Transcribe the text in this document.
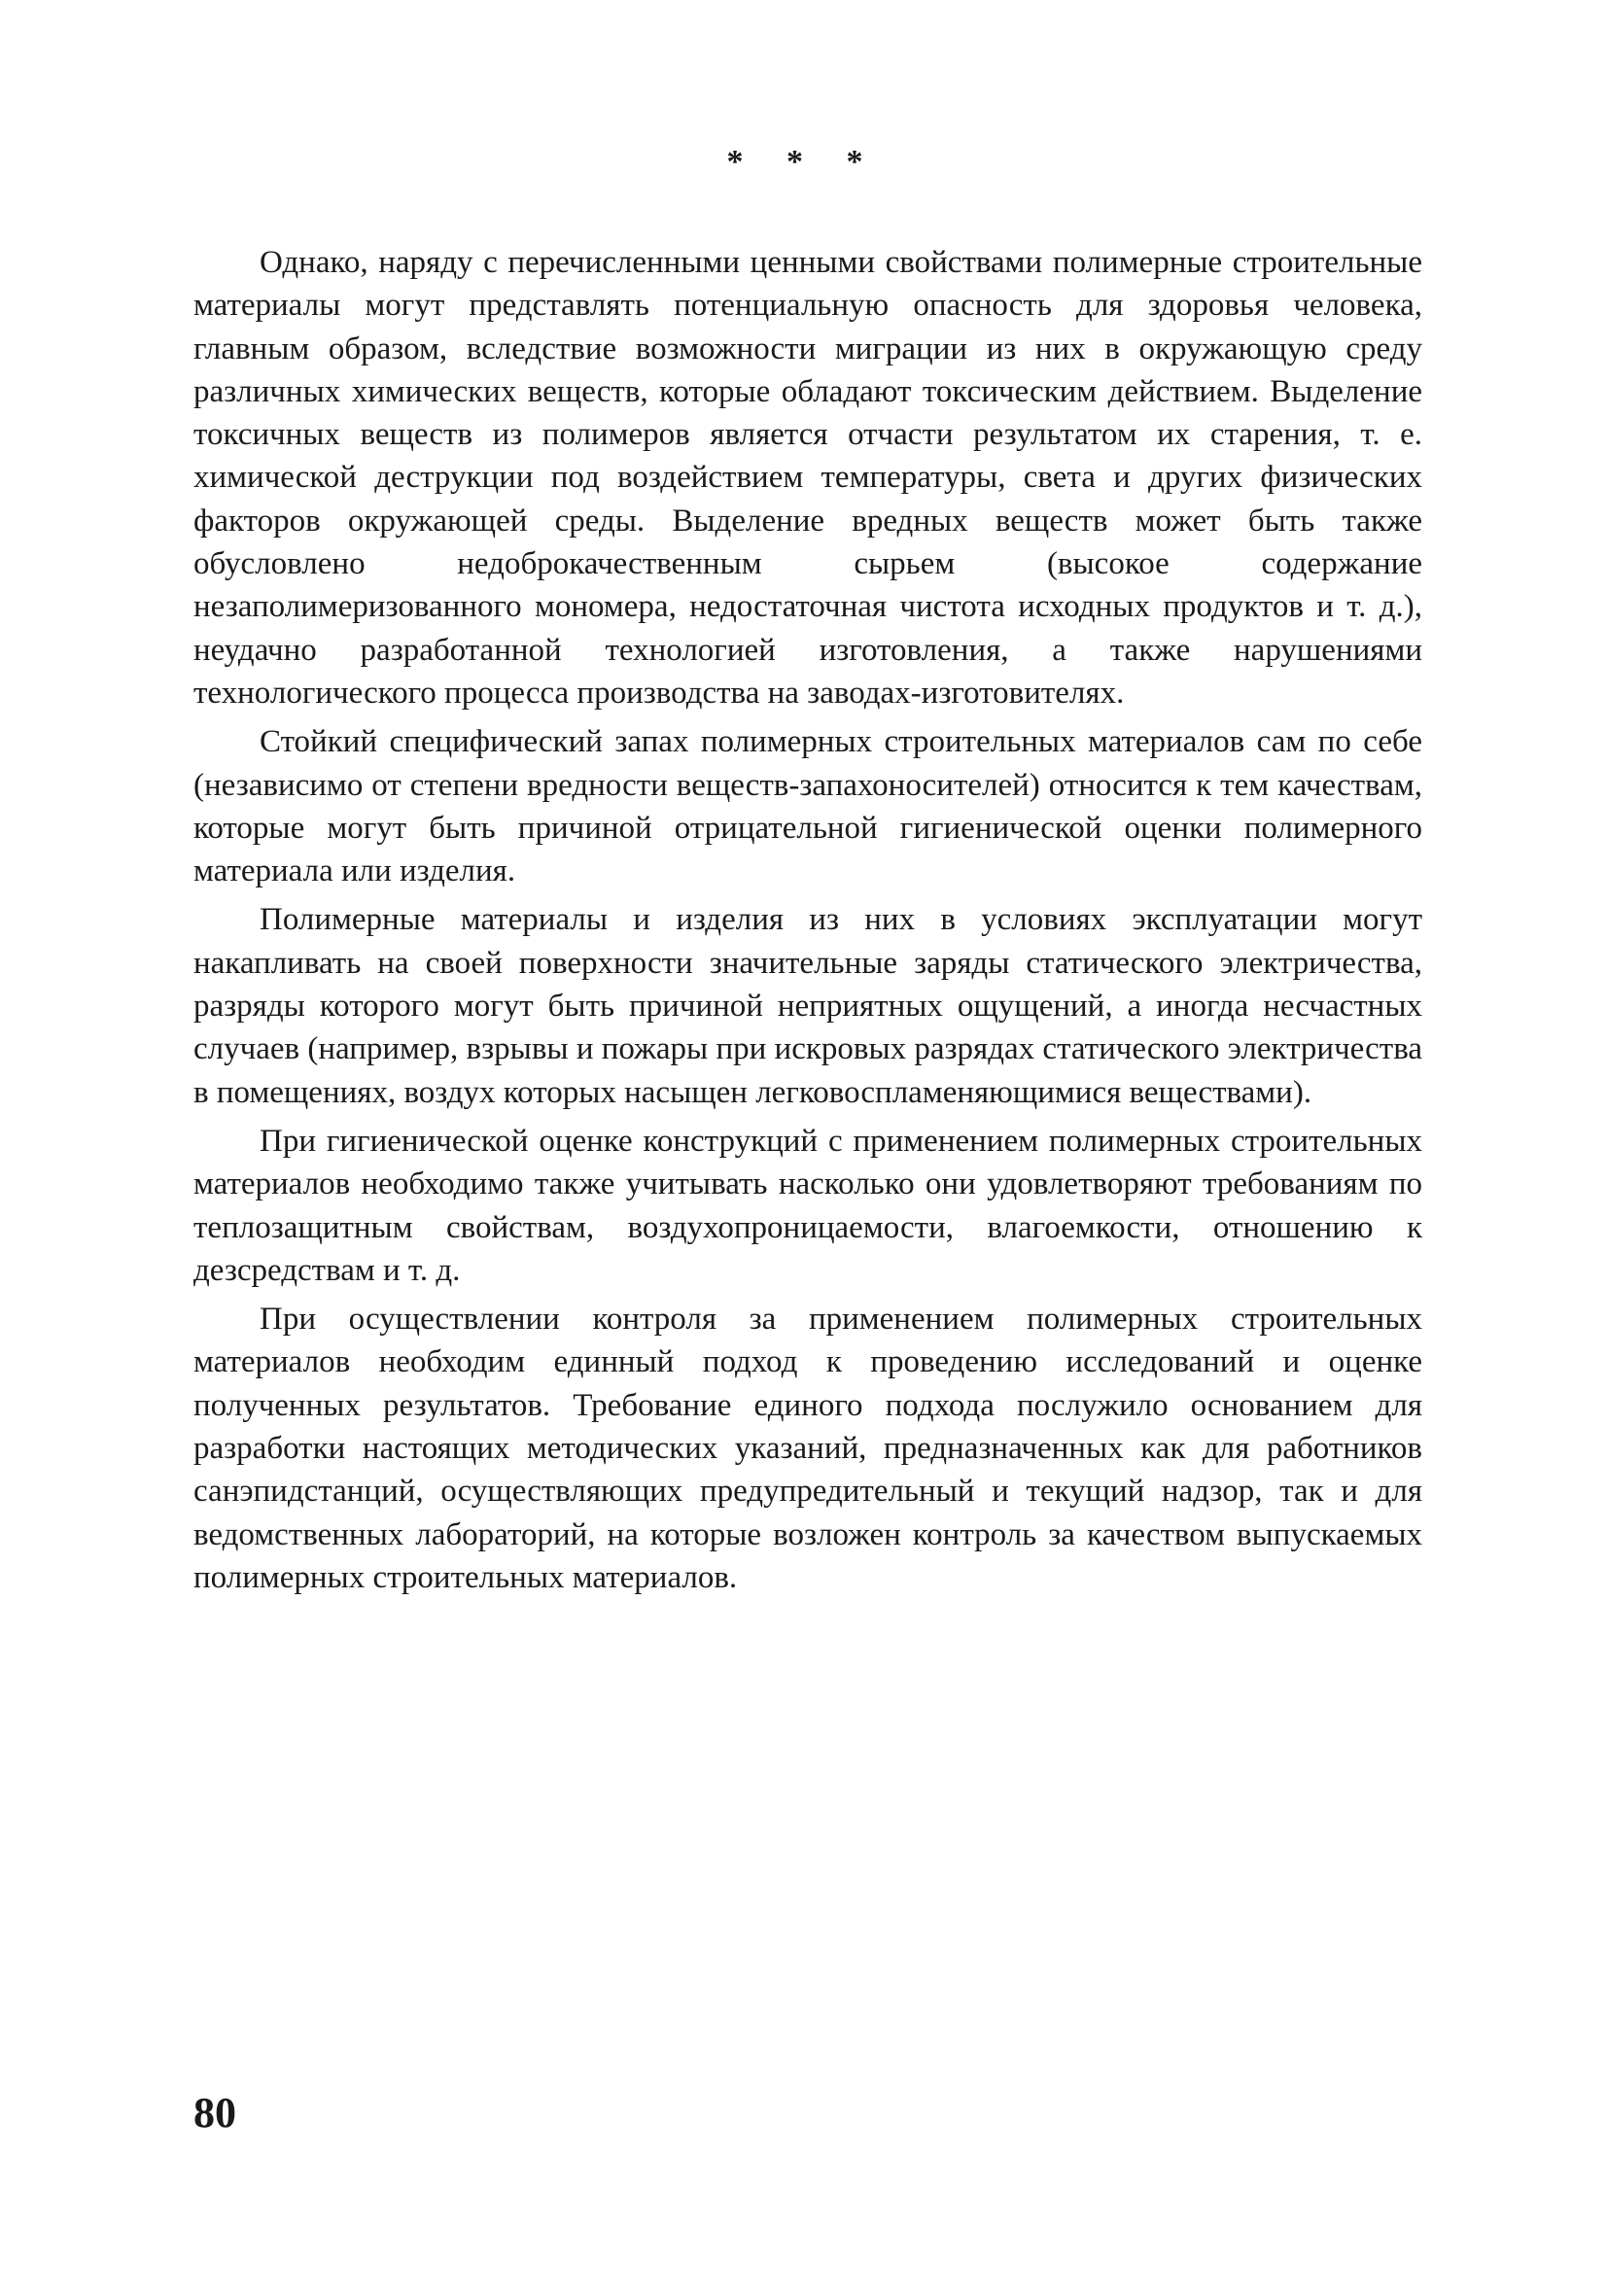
* * *

Однако, наряду с перечисленными ценными свойствами полимерные строительные материалы могут представлять потенциальную опасность для здоровья человека, главным образом, вследствие возможности миграции из них в окружающую среду различных химических веществ, которые обладают токсическим действием. Выделение токсичных веществ из полимеров является отчасти результатом их старения, т. е. химической деструкции под воздействием температуры, света и других физических факторов окружающей среды. Выделение вредных веществ может быть также обусловлено недоброкачественным сырьем (высокое содержание незаполимеризованного мономера, недостаточная чистота исходных продуктов и т. д.), неудачно разработанной технологией изготовления, а также нарушениями технологического процесса производства на заводах-изготовителях.

Стойкий специфический запах полимерных строительных материалов сам по себе (независимо от степени вредности веществ-запахоносителей) относится к тем качествам, которые могут быть причиной отрицательной гигиенической оценки полимерного материала или изделия.

Полимерные материалы и изделия из них в условиях эксплуатации могут накапливать на своей поверхности значительные заряды статического электричества, разряды которого могут быть причиной неприятных ощущений, а иногда несчастных случаев (например, взрывы и пожары при искровых разрядах статического электричества в помещениях, воздух которых насыщен легковоспламеняющимися веществами).

При гигиенической оценке конструкций с применением полимерных строительных материалов необходимо также учитывать насколько они удовлетворяют требованиям по теплозащитным свойствам, воздухопроницаемости, влагоемкости, отношению к дезсредствам и т. д.

При осуществлении контроля за применением полимерных строительных материалов необходим единный подход к проведению исследований и оценке полученных результатов. Требование единого подхода послужило основанием для разработки настоящих методических указаний, предназначенных как для работников санэпидстанций, осуществляющих предупредительный и текущий надзор, так и для ведомственных лабораторий, на которые возложен контроль за качеством выпускаемых полимерных строительных материалов.

80
